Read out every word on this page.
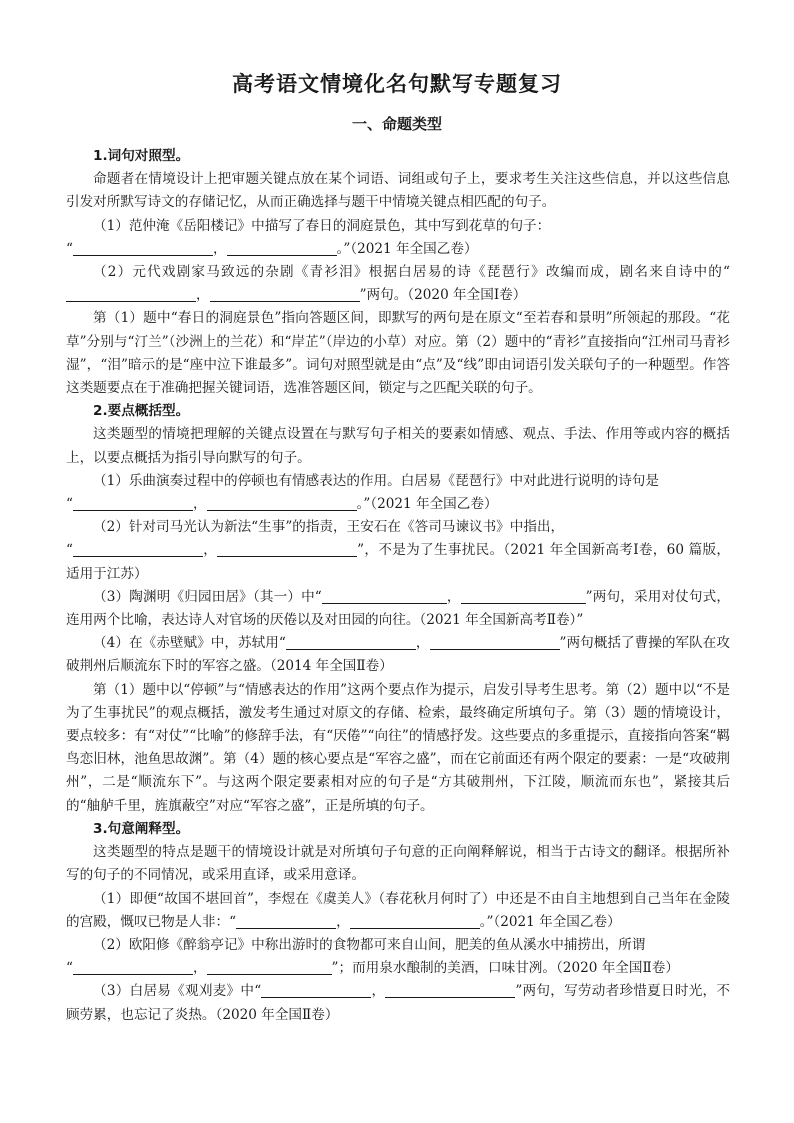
高考语文情境化名句默写专题复习
一、命题类型

1.词句对照型。

命题者在情境设计上把审题关键点放在某个词语、词组或句子上，要求考生关注这些信息，并以这些信息引发对所默写诗文的存储记忆，从而正确选择与题干中情境关键点相匹配的句子。

（1）范仲淹《岳阳楼记》中描写了春日的洞庭景色，其中写到花草的句子：

“	，	。”（2021 年全国乙卷）

（2）元代戏剧家马致远的杂剧《青衫泪》根据白居易的诗《琵琶行》改编而成，剧名来自诗中的“，	”两句。（2020 年全国Ⅰ卷）

第（1）题中“春日的洞庭景色”指向答题区间，即默写的两句是在原文“至若春和景明”所领起的那段。“花草”分别与“汀兰”（沙洲上的兰花）和“岸芷”（岸边的小草）对应。第（2）题中的“青衫”直接指向“江州司马青衫湿”，“泪”暗示的是“座中泣下谁最多”。词句对照型就是由“点”及“线”即由词语引发关联句子的一种题型。作答这类题要点在于准确把握关键词语，选准答题区间，锁定与之匹配关联的句子。

2.要点概括型。

这类题型的情境把理解的关键点设置在与默写句子相关的要素如情感、观点、手法、作用等或内容的概括上，以要点概括为指引导向默写的句子。

（1）乐曲演奏过程中的停顿也有情感表达的作用。白居易《琵琶行》中对此进行说明的诗句是

“	，	。”（2021 年全国乙卷）

（2）针对司马光认为新法“生事”的指责，王安石在《答司马谏议书》中指出，

“	，	”，不是为了生事扰民。（2021 年全国新高考Ⅰ卷，60 篇版，适用于江苏）

（3）陶渊明《归园田居》（其一）中“	，	”两句，采用对仗句式，连用两个比喻，表达诗人对官场的厌倦以及对田园的向往。（2021 年全国新高考Ⅱ卷）”

（4）在《赤壁赋》中，苏轼用“	，	”两句概括了曹操的军队在攻破荆州后顺流东下时的军容之盛。（2014 年全国Ⅱ卷）

第（1）题中以“停顿”与“情感表达的作用”这两个要点作为提示，启发引导考生思考。第（2）题中以“不是为了生事扰民”的观点概括，激发考生通过对原文的存储、检索，最终确定所填句子。第（3）题的情境设计，要点较多：有“对仗”“比喻”的修辞手法，有“厌倦”“向往”的情感抒发。这些要点的多重提示，直接指向答案“羁鸟恋旧林，池鱼思故渊”。第（4）题的核心要点是“军容之盛”，而在它前面还有两个限定的要素：一是“攻破荆州”，二是“顺流东下”。与这两个限定要素相对应的句子是“方其破荆州，下江陵，顺流而东也”，紧接其后的“舳舻千里，旌旗蔽空”对应“军容之盛”，正是所填的句子。

3.句意阐释型。

这类题型的特点是题干的情境设计就是对所填句子句意的正向阐释解说，相当于古诗文的翻译。根据所补写的句子的不同情况，或采用直译，或采用意译。

（1）即便“故国不堪回首”，李煜在《虞美人》（春花秋月何时了）中还是不由自主地想到自己当年在金陵的宫殿，慨叹已物是人非：“	，	。”（2021 年全国乙卷）

（2）欧阳修《醉翁亭记》中称出游时的食物都可来自山间，肥美的鱼从溪水中捕捞出，所谓

“	，	”；而用泉水酿制的美酒，口味甘冽。（2020 年全国Ⅱ卷）

（3）白居易《观刈麦》中“	，	”两句，写劳动者珍惜夏日时光，不顾劳累，也忘记了炎热。（2020 年全国Ⅱ卷）
